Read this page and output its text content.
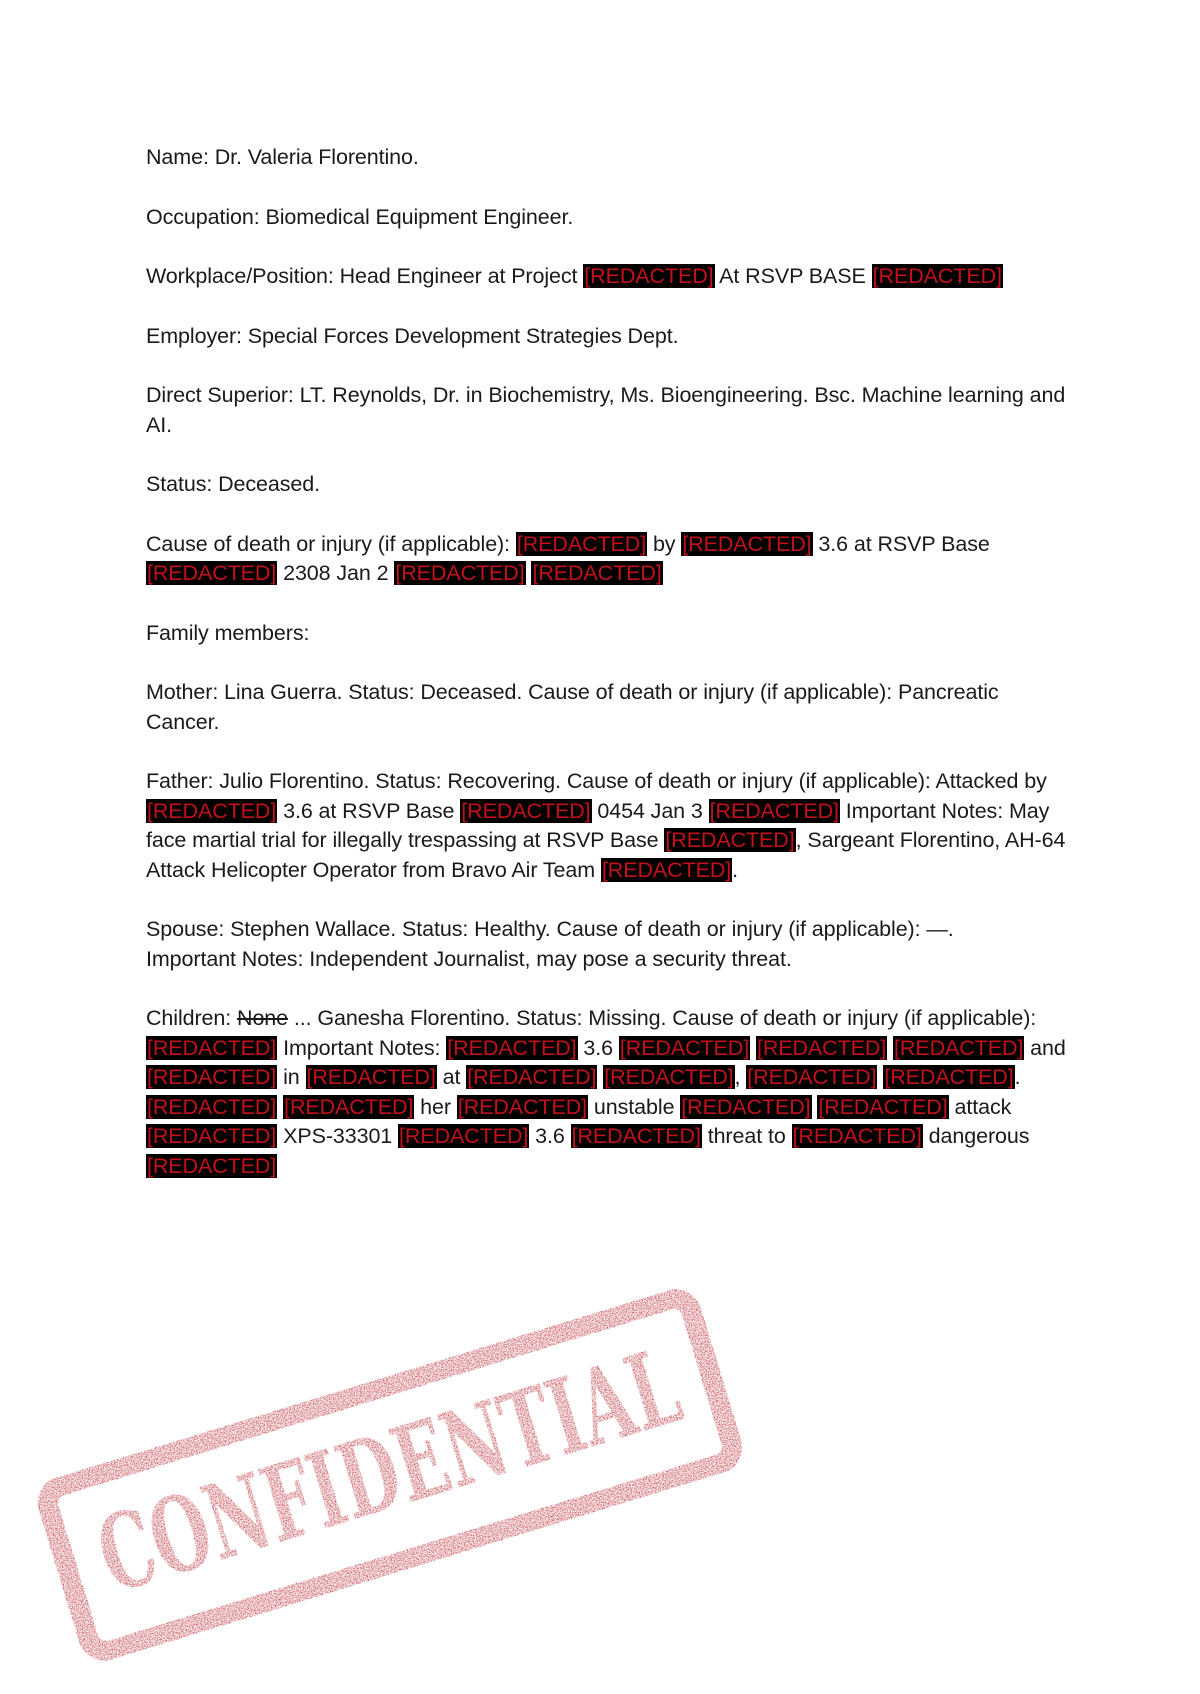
Name: Dr. Valeria Florentino.

Occupation: Biomedical Equipment Engineer.

Workplace/Position: Head Engineer at Project [REDACTED] At RSVP BASE [REDACTED]

Employer: Special Forces Development Strategies Dept.

Direct Superior: LT. Reynolds, Dr. in Biochemistry, Ms. Bioengineering. Bsc. Machine learning and AI.

Status: Deceased.

Cause of death or injury (if applicable): [REDACTED] by [REDACTED] 3.6 at RSVP Base [REDACTED] 2308 Jan 2 [REDACTED] [REDACTED]

Family members:

Mother: Lina Guerra. Status: Deceased. Cause of death or injury (if applicable): Pancreatic Cancer.

Father: Julio Florentino. Status: Recovering. Cause of death or injury (if applicable): Attacked by [REDACTED] 3.6 at RSVP Base [REDACTED] 0454 Jan 3 [REDACTED] Important Notes: May face martial trial for illegally trespassing at RSVP Base [REDACTED], Sargeant Florentino, AH-64 Attack Helicopter Operator from Bravo Air Team [REDACTED].

Spouse: Stephen Wallace. Status: Healthy. Cause of death or injury (if applicable): —.
Important Notes: Independent Journalist, may pose a security threat.

Children: None ... Ganesha Florentino. Status: Missing. Cause of death or injury (if applicable): [REDACTED] Important Notes: [REDACTED] 3.6 [REDACTED] [REDACTED] [REDACTED] and [REDACTED] in [REDACTED] at [REDACTED] [REDACTED], [REDACTED] [REDACTED]. [REDACTED] [REDACTED] her [REDACTED] unstable [REDACTED] [REDACTED] attack [REDACTED] XPS-33301 [REDACTED] 3.6 [REDACTED] threat to [REDACTED] dangerous [REDACTED]

CONFIDENTIAL
